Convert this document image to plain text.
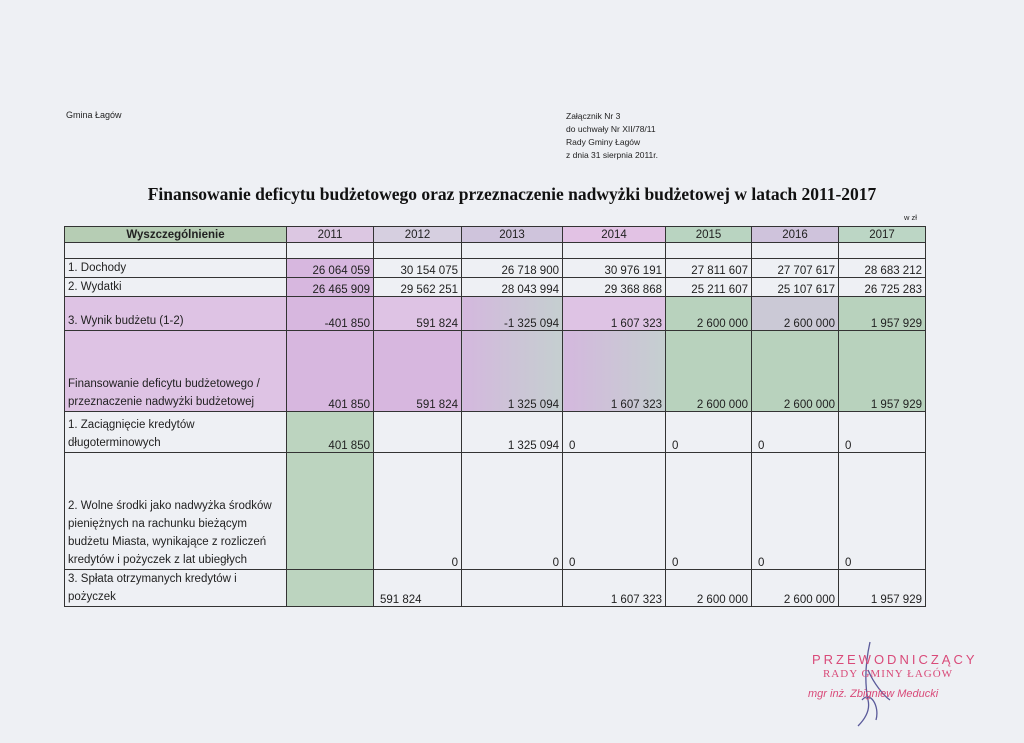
Gmina Łagów	Załącznik Nr 3
do uchwały Nr XII/78/11
Rady Gminy Łagów
z dnia 31 sierpnia 2011r.
Finansowanie deficytu budżetowego oraz przeznaczenie nadwyżki budżetowej w latach 2011-2017
w zł
Wyszczególnienie	2011	2012	2013	2014	2015	2016	2017

1. Dochody	26 064 059	30 154 075	26 718 900	30 976 191	27 811 607	27 707 617	28 683 212
2. Wydatki	26 465 909	29 562 251	28 043 994	29 368 868	25 211 607	25 107 617	26 725 283
3. Wynik budżetu (1-2)	-401 850	591 824	-1 325 094	1 607 323	2 600 000	2 600 000	1 957 929
Finansowanie deficytu budżetowego / przeznaczenie nadwyżki budżetowej	401 850	591 824	1 325 094	1 607 323	2 600 000	2 600 000	1 957 929
1. Zaciągnięcie kredytów długoterminowych	401 850		1 325 094	0	0	0	0
2. Wolne środki jako nadwyżka środków pieniężnych na rachunku bieżącym budżetu Miasta, wynikające z rozliczeń kredytów i pożyczek z lat ubiegłych		0	0	0	0	0	0
3. Spłata otrzymanych kredytów i pożyczek		591 824		1 607 323	2 600 000	2 600 000	1 957 929
PRZEWODNICZĄCY
RADY GMINY ŁAGÓW
mgr inż. Zbigniew Meducki
